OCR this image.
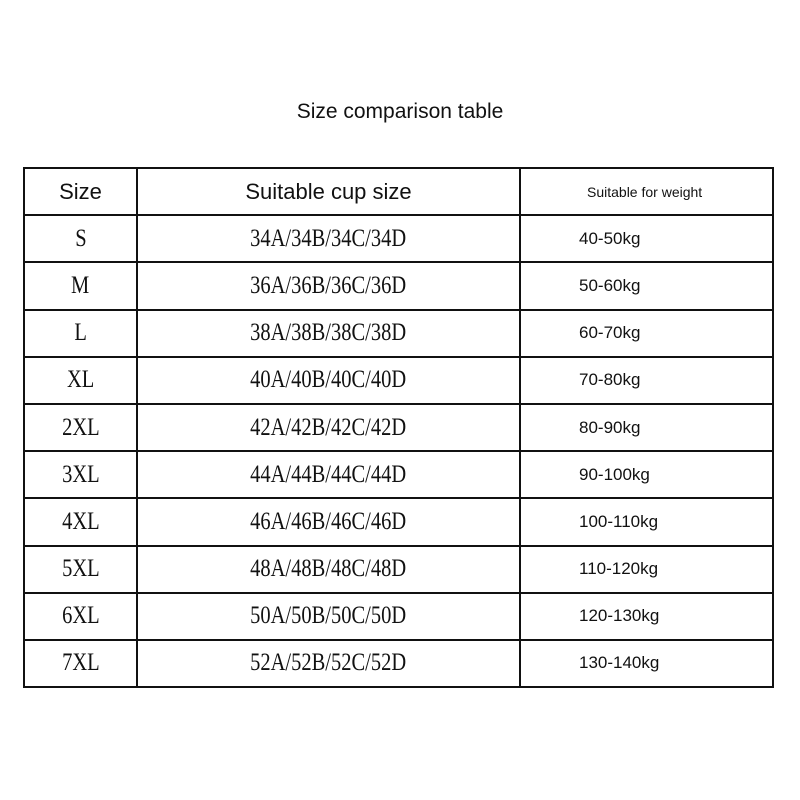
Size comparison table
Size	Suitable cup size	Suitable for weight
S	34A/34B/34C/34D	40-50kg
M	36A/36B/36C/36D	50-60kg
L	38A/38B/38C/38D	60-70kg
XL	40A/40B/40C/40D	70-80kg
2XL	42A/42B/42C/42D	80-90kg
3XL	44A/44B/44C/44D	90-100kg
4XL	46A/46B/46C/46D	100-110kg
5XL	48A/48B/48C/48D	110-120kg
6XL	50A/50B/50C/50D	120-130kg
7XL	52A/52B/52C/52D	130-140kg
